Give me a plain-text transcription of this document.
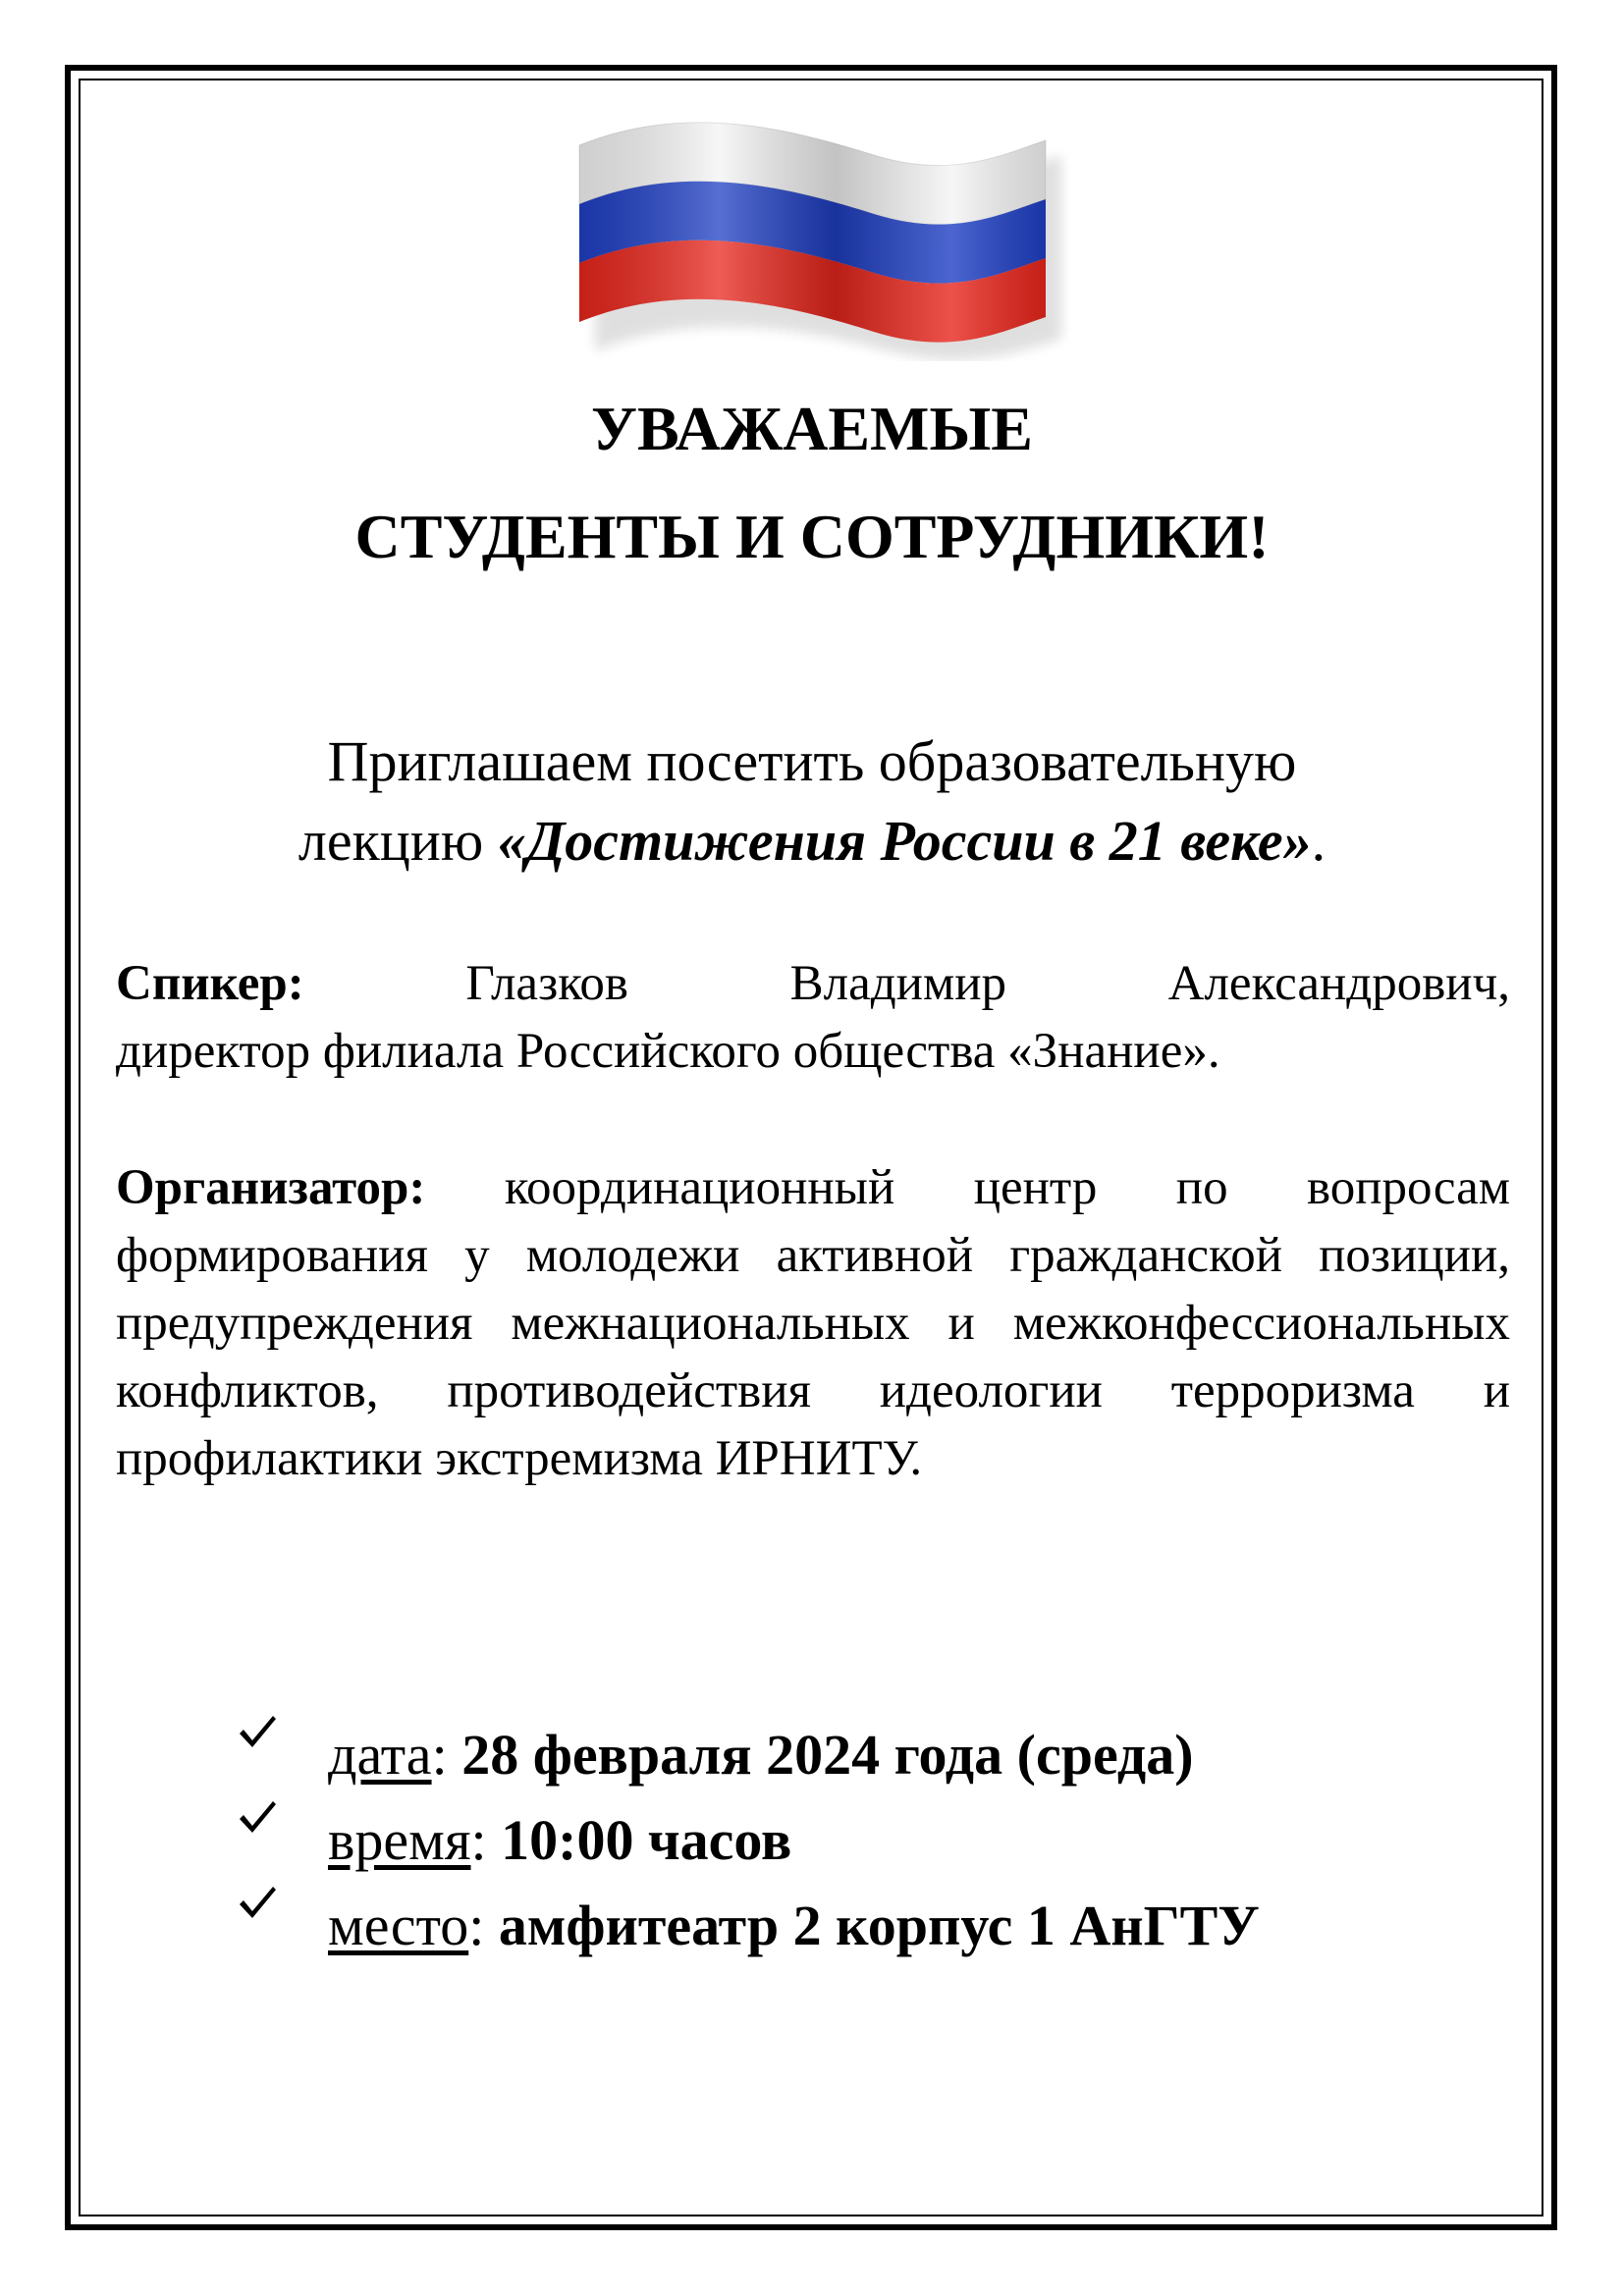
УВАЖАЕМЫЕ
СТУДЕНТЫ И СОТРУДНИКИ!
Приглашаем посетить образовательную
лекцию «Достижения России в 21 веке».
Спикер:	Глазков	Владимир	Александрович,
директор филиала Российского общества «Знание».
Организатор: координационный центр по вопросам формирования у молодежи активной гражданской позиции, предупреждения межнациональных и межконфессиональных конфликтов, противодействия идеологии терроризма и профилактики экстремизма ИРНИТУ.
дата : 28 февраля 2024 года (среда)
время : 10:00 часов
место : амфитеатр 2 корпус 1 АнГТУ
